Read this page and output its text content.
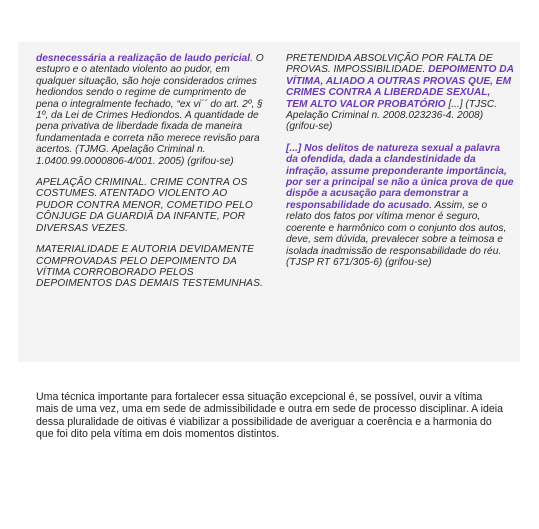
desnecessária a realização de laudo pericial. O estupro e o atentado violento ao pudor, em qualquer situação, são hoje considerados crimes hediondos sendo o regime de cumprimento de pena o integralmente fechado, “ex vi´´ do art. 2º, § 1º, da Lei de Crimes Hediondos. A quantidade de pena privativa de liberdade fixada de maneira fundamentada e correta não merece revisão para acertos. (TJMG. Apelação Criminal n. 1.0400.99.0000806-4/001. 2005) (grifou-se)

APELAÇÃO CRIMINAL. CRIME CONTRA OS COSTUMES. ATENTADO VIOLENTO AO PUDOR CONTRA MENOR, COMETIDO PELO CÔNJUGE DA GUARDIÃ DA INFANTE, POR DIVERSAS VEZES.

MATERIALIDADE E AUTORIA DEVIDAMENTE COMPROVADAS PELO DEPOIMENTO DA VÍTIMA CORROBORADO PELOS DEPOIMENTOS DAS DEMAIS TESTEMUNHAS.

PRETENDIDA ABSOLVIÇÃO POR FALTA DE PROVAS. IMPOSSIBILIDADE. DEPOIMENTO DA VÍTIMA, ALIADO A OUTRAS PROVAS QUE, EM CRIMES CONTRA A LIBERDADE SEXUAL, TEM ALTO VALOR PROBATÓRIO [...] (TJSC. Apelação Criminal n. 2008.023236-4. 2008) (grifou-se)

[...] Nos delitos de natureza sexual a palavra da ofendida, dada a clandestinidade da infração, assume preponderante importância, por ser a principal se não a única prova de que dispõe a acusação para demonstrar a responsabilidade do acusado. Assim, se o relato dos fatos por vítima menor é seguro, coerente e harmônico com o conjunto dos autos, deve, sem dúvida, prevalecer sobre a teimosa e isolada inadmissão de responsabilidade do réu. (TJSP RT 671/305-6) (grifou-se)

Uma técnica importante para fortalecer essa situação excepcional é, se possível, ouvir a vítima mais de uma vez, uma em sede de admissibilidade e outra em sede de processo disciplinar. A ideia dessa pluralidade de oitivas é viabilizar a possibilidade de averiguar a coerência e a harmonia do que foi dito pela vítima em dois momentos distintos.
